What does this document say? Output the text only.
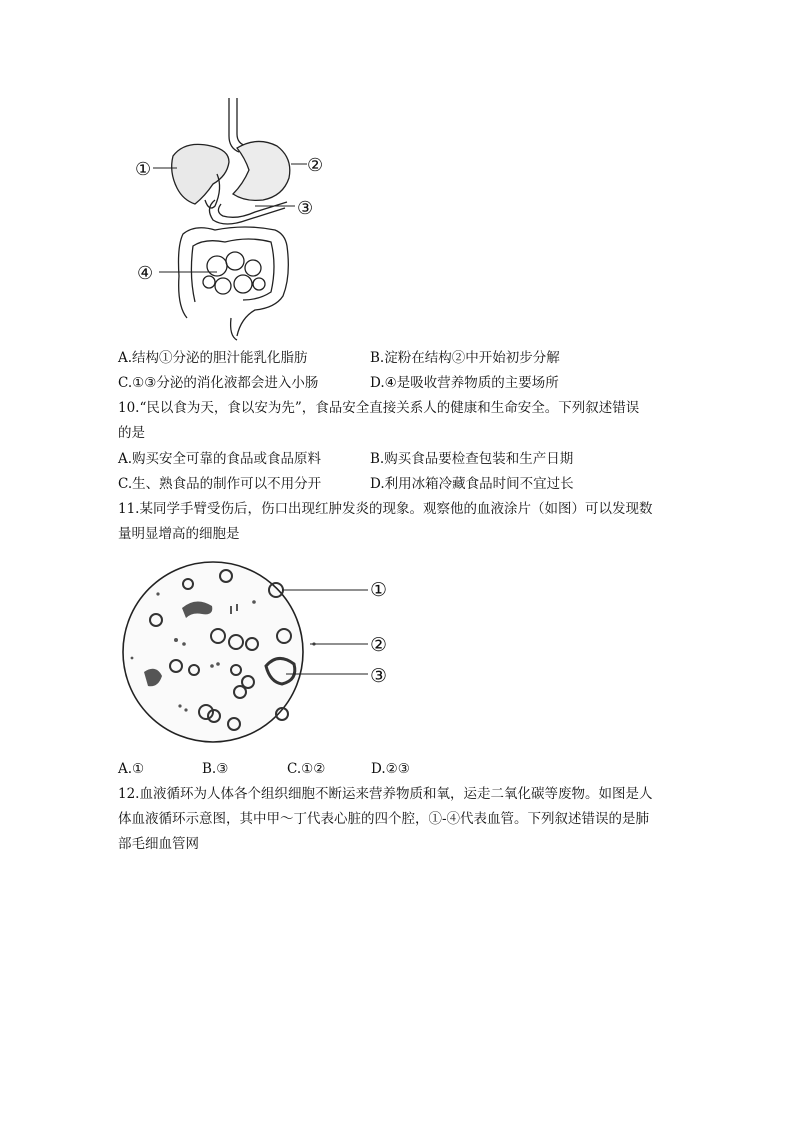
①	②
③
④
A.结构①分泌的胆汁能乳化脂肪	B.淀粉在结构②中开始初步分解
C.①③分泌的消化液都会进入小肠	D.④是吸收营养物质的主要场所
10.“民以食为天，食以安为先”，食品安全直接关系人的健康和生命安全。下列叙述错误
的是
A.购买安全可靠的食品或食品原料	B.购买食品要检查包装和生产日期
C.生、熟食品的制作可以不用分开	D.利用冰箱冷藏食品时间不宜过长
11.某同学手臂受伤后，伤口出现红肿发炎的现象。观察他的血液涂片（如图）可以发现数
量明显增高的细胞是
①
②
③
A.①	B.③	C.①②	D.②③
12.血液循环为人体各个组织细胞不断运来营养物质和氧，运走二氧化碳等废物。如图是人
体血液循环示意图，其中甲～丁代表心脏的四个腔，①-④代表血管。下列叙述错误的是肺
部毛细血管网
